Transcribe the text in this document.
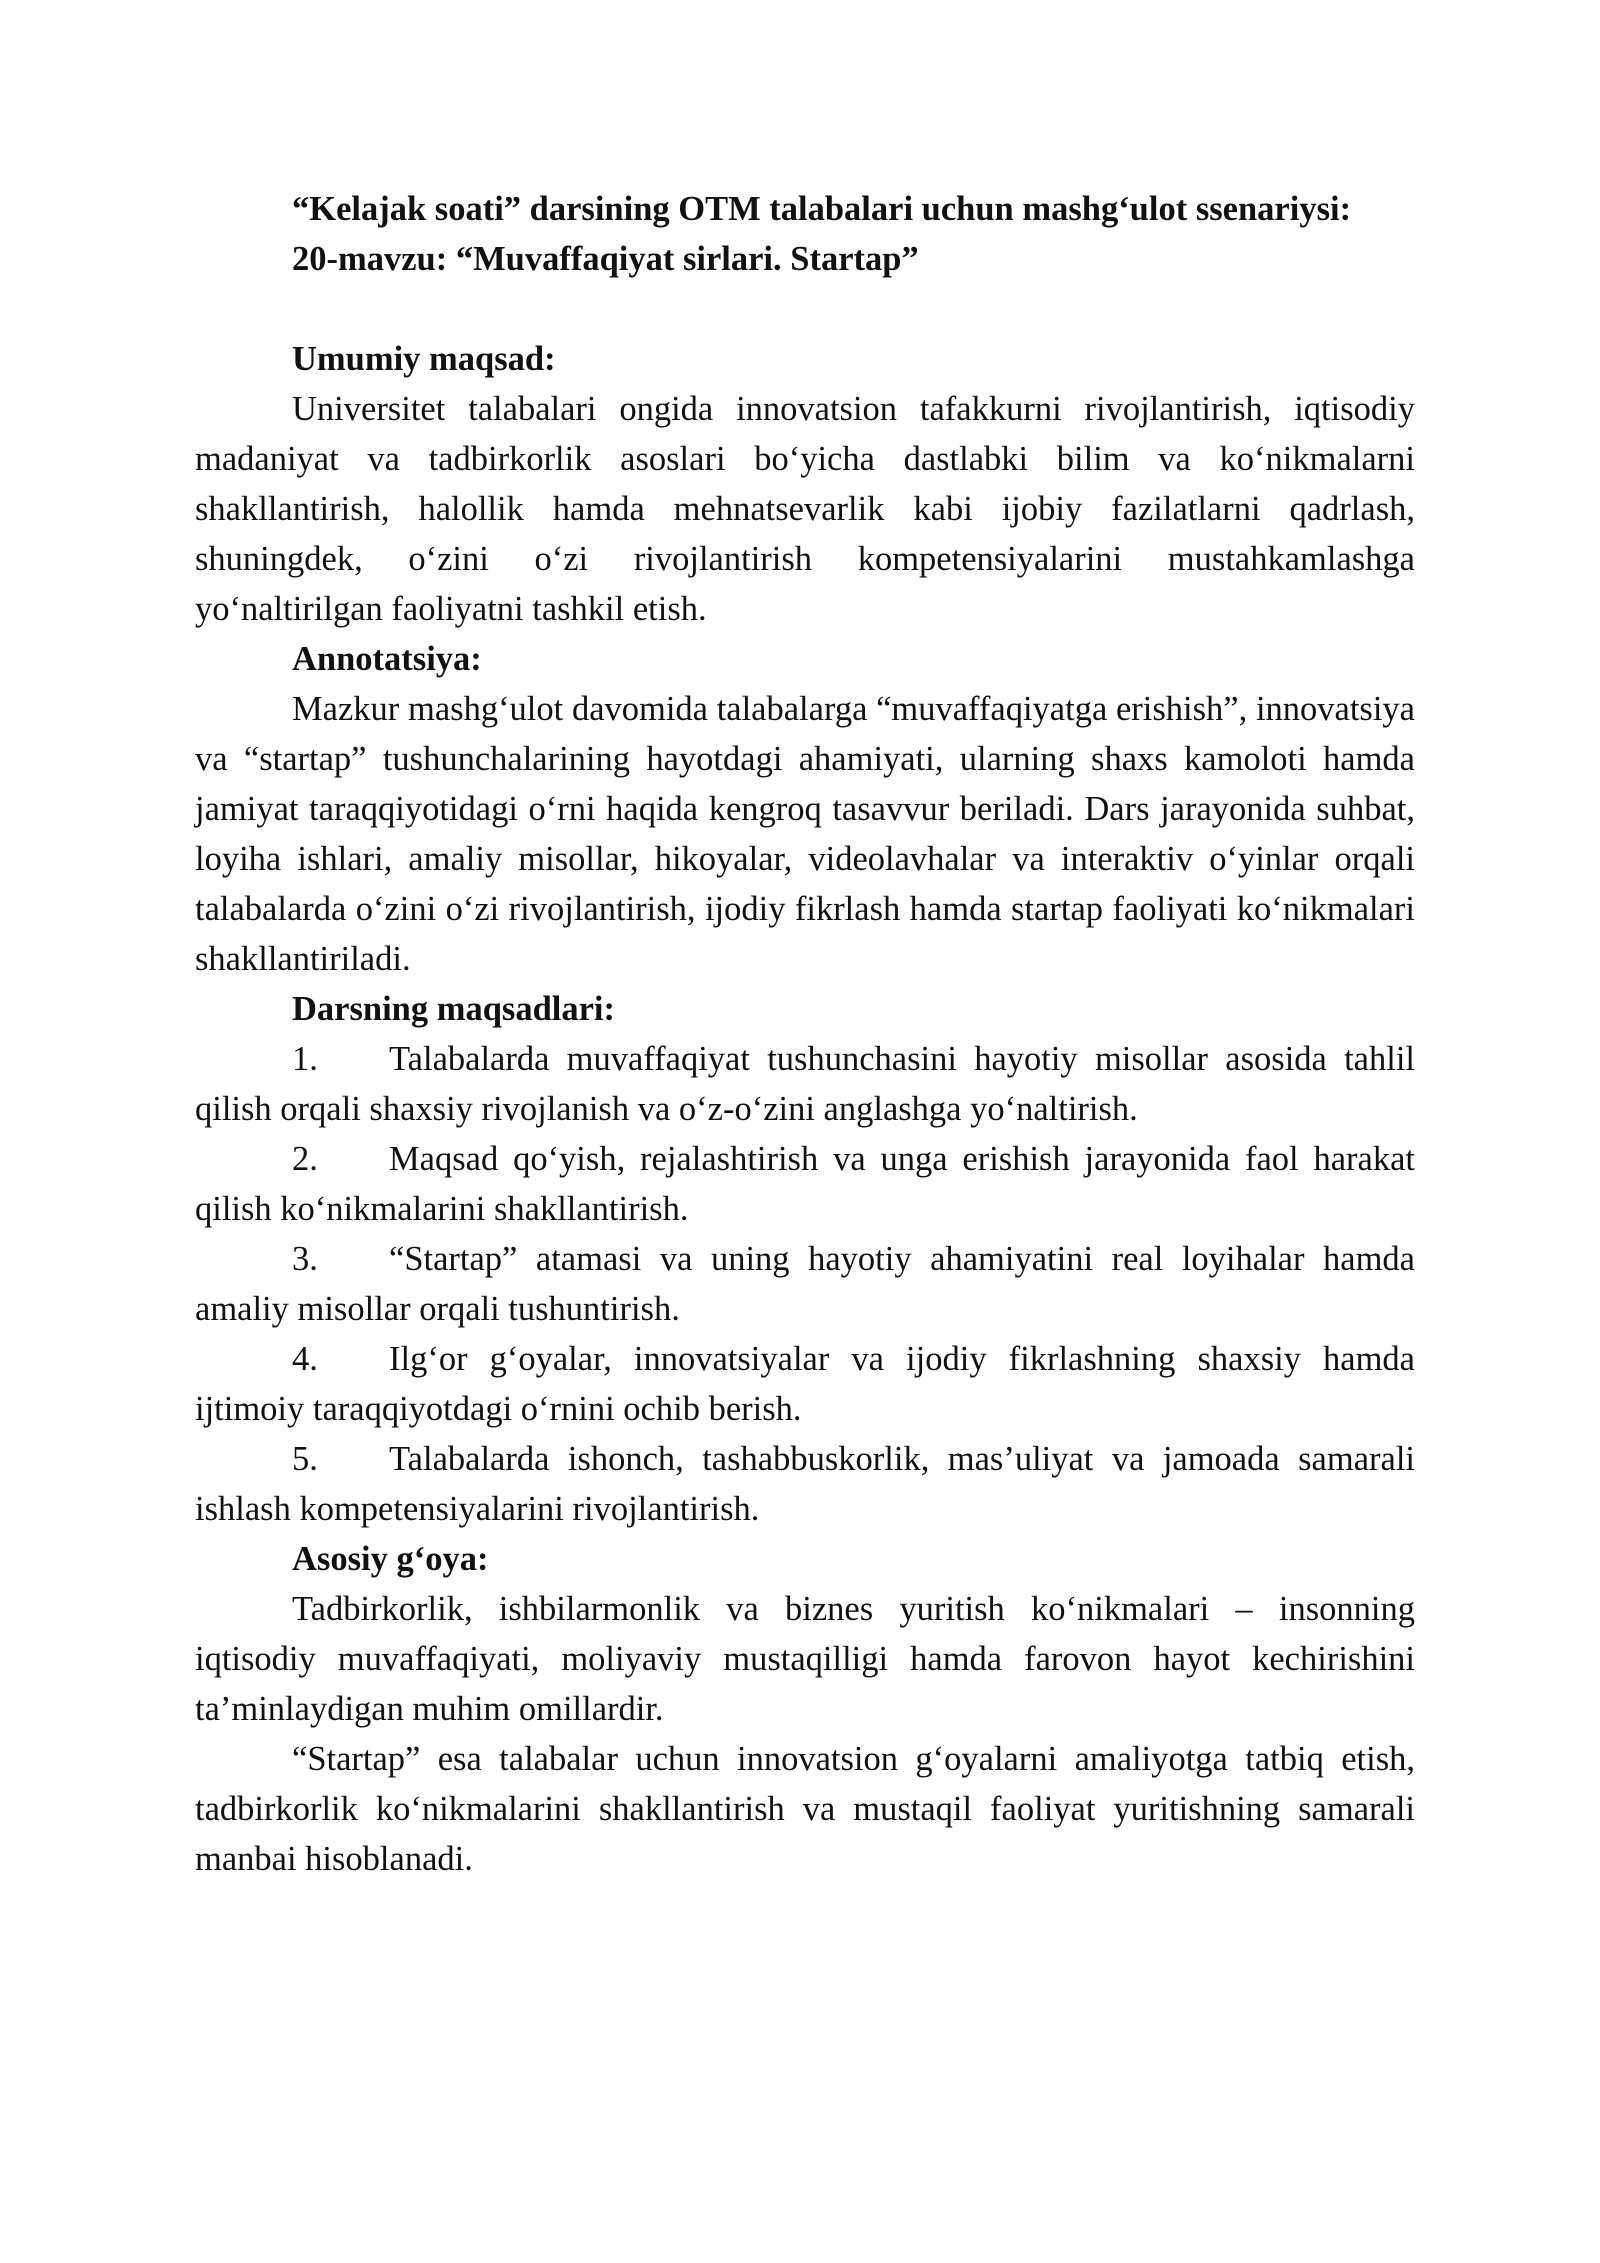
“Kelajak soati” darsining OTM talabalari uchun mashg‘ulot ssenariysi:

20-mavzu: “Muvaffaqiyat sirlari. Startap”

Umumiy maqsad:

Universitet talabalari ongida innovatsion tafakkurni rivojlantirish, iqtisodiy madaniyat va tadbirkorlik asoslari bo‘yicha dastlabki bilim va ko‘nikmalarni shakllantirish, halollik hamda mehnatsevarlik kabi ijobiy fazilatlarni qadrlash, shuningdek, o‘zini o‘zi rivojlantirish kompetensiyalarini mustahkamlashga yo‘naltirilgan faoliyatni tashkil etish.

Annotatsiya:

Mazkur mashg‘ulot davomida talabalarga “muvaffaqiyatga erishish”, innovatsiya va “startap” tushunchalarining hayotdagi ahamiyati, ularning shaxs kamoloti hamda jamiyat taraqqiyotidagi o‘rni haqida kengroq tasavvur beriladi. Dars jarayonida suhbat, loyiha ishlari, amaliy misollar, hikoyalar, videolavhalar va interaktiv o‘yinlar orqali talabalarda o‘zini o‘zi rivojlantirish, ijodiy fikrlash hamda startap faoliyati ko‘nikmalari shakllantiriladi.

Darsning maqsadlari:

1. Talabalarda muvaffaqiyat tushunchasini hayotiy misollar asosida tahlil qilish orqali shaxsiy rivojlanish va o‘z-o‘zini anglashga yo‘naltirish.

2. Maqsad qo‘yish, rejalashtirish va unga erishish jarayonida faol harakat qilish ko‘nikmalarini shakllantirish.

3. “Startap” atamasi va uning hayotiy ahamiyatini real loyihalar hamda amaliy misollar orqali tushuntirish.

4. Ilg‘or g‘oyalar, innovatsiyalar va ijodiy fikrlashning shaxsiy hamda ijtimoiy taraqqiyotdagi o‘rnini ochib berish.

5. Talabalarda ishonch, tashabbuskorlik, mas’uliyat va jamoada samarali ishlash kompetensiyalarini rivojlantirish.

Asosiy g‘oya:

Tadbirkorlik, ishbilarmonlik va biznes yuritish ko‘nikmalari – insonning iqtisodiy muvaffaqiyati, moliyaviy mustaqilligi hamda farovon hayot kechirishini ta’minlaydigan muhim omillardir.

“Startap” esa talabalar uchun innovatsion g‘oyalarni amaliyotga tatbiq etish, tadbirkorlik ko‘nikmalarini shakllantirish va mustaqil faoliyat yuritishning samarali manbai hisoblanadi.
